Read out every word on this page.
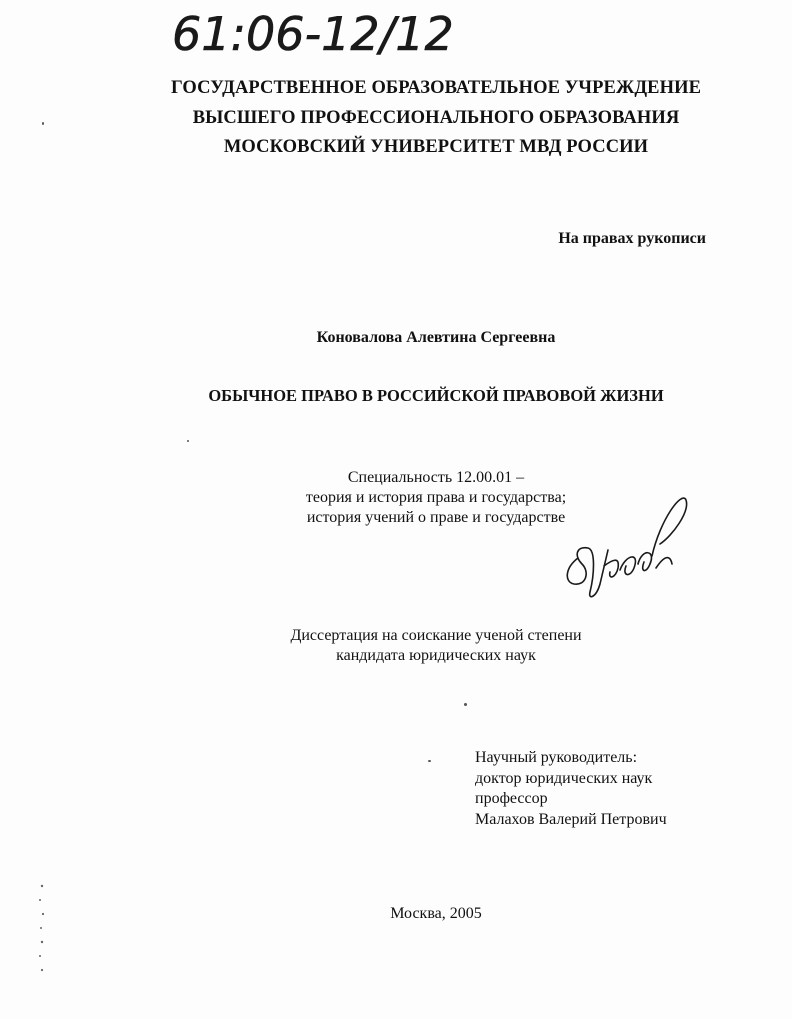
61:06-12/12
ГОСУДАРСТВЕННОЕ ОБРАЗОВАТЕЛЬНОЕ УЧРЕЖДЕНИЕ
ВЫСШЕГО ПРОФЕССИОНАЛЬНОГО ОБРАЗОВАНИЯ
МОСКОВСКИЙ УНИВЕРСИТЕТ МВД РОССИИ
На правах рукописи
Коновалова Алевтина Сергеевна
ОБЫЧНОЕ ПРАВО В РОССИЙСКОЙ ПРАВОВОЙ ЖИЗНИ
Специальность 12.00.01 –
теория и история права и государства;
история учений о праве и государстве
Диссертация на соискание ученой степени
кандидата юридических наук
Научный руководитель:
доктор юридических наук
профессор
Малахов Валерий Петрович
Москва, 2005
